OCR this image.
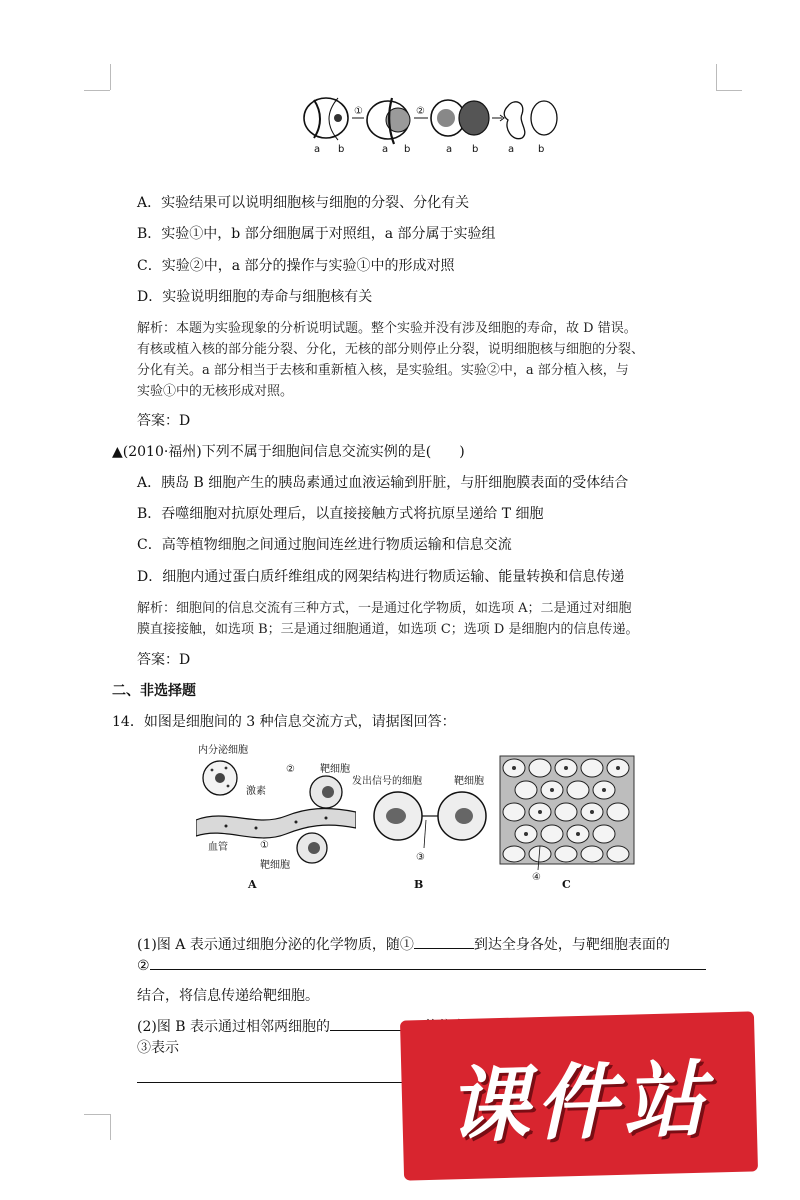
①	②
a b	a b	a b	a b
A．实验结果可以说明细胞核与细胞的分裂、分化有关
B．实验①中，b 部分细胞属于对照组，a 部分属于实验组
C．实验②中，a 部分的操作与实验①中的形成对照
D．实验说明细胞的寿命与细胞核有关
解析：本题为实验现象的分析说明试题。整个实验并没有涉及细胞的寿命，故 D 错误。
有核或植入核的部分能分裂、分化，无核的部分则停止分裂，说明细胞核与细胞的分裂、
分化有关。a 部分相当于去核和重新植入核，是实验组。实验②中，a 部分植入核，与
实验①中的无核形成对照。
答案：D
▲(2010·福州)下列不属于细胞间信息交流实例的是(　　)
A．胰岛 B 细胞产生的胰岛素通过血液运输到肝脏，与肝细胞膜表面的受体结合
B．吞噬细胞对抗原处理后，以直接接触方式将抗原呈递给 T 细胞
C．高等植物细胞之间通过胞间连丝进行物质运输和信息交流
D．细胞内通过蛋白质纤维组成的网架结构进行物质运输、能量转换和信息传递
解析：细胞间的信息交流有三种方式，一是通过化学物质，如选项 A；二是通过对细胞
膜直接接触，如选项 B；三是通过细胞通道，如选项 C；选项 D 是细胞内的信息传递。
答案：D
二、非选择题
14．如图是细胞间的 3 种信息交流方式，请据图回答：
内分泌细胞
激素
②	靶细胞
①
血管
靶细胞
A
发出信号的细胞	靶细胞
③
B
④
C
(1)图 A 表示通过细胞分泌的化学物质，随①	到达全身各处，与靶细胞表面的
②
结合，将信息传递给靶细胞。
(2)图 B 表示通过相邻两细胞的
③表示
课件站
